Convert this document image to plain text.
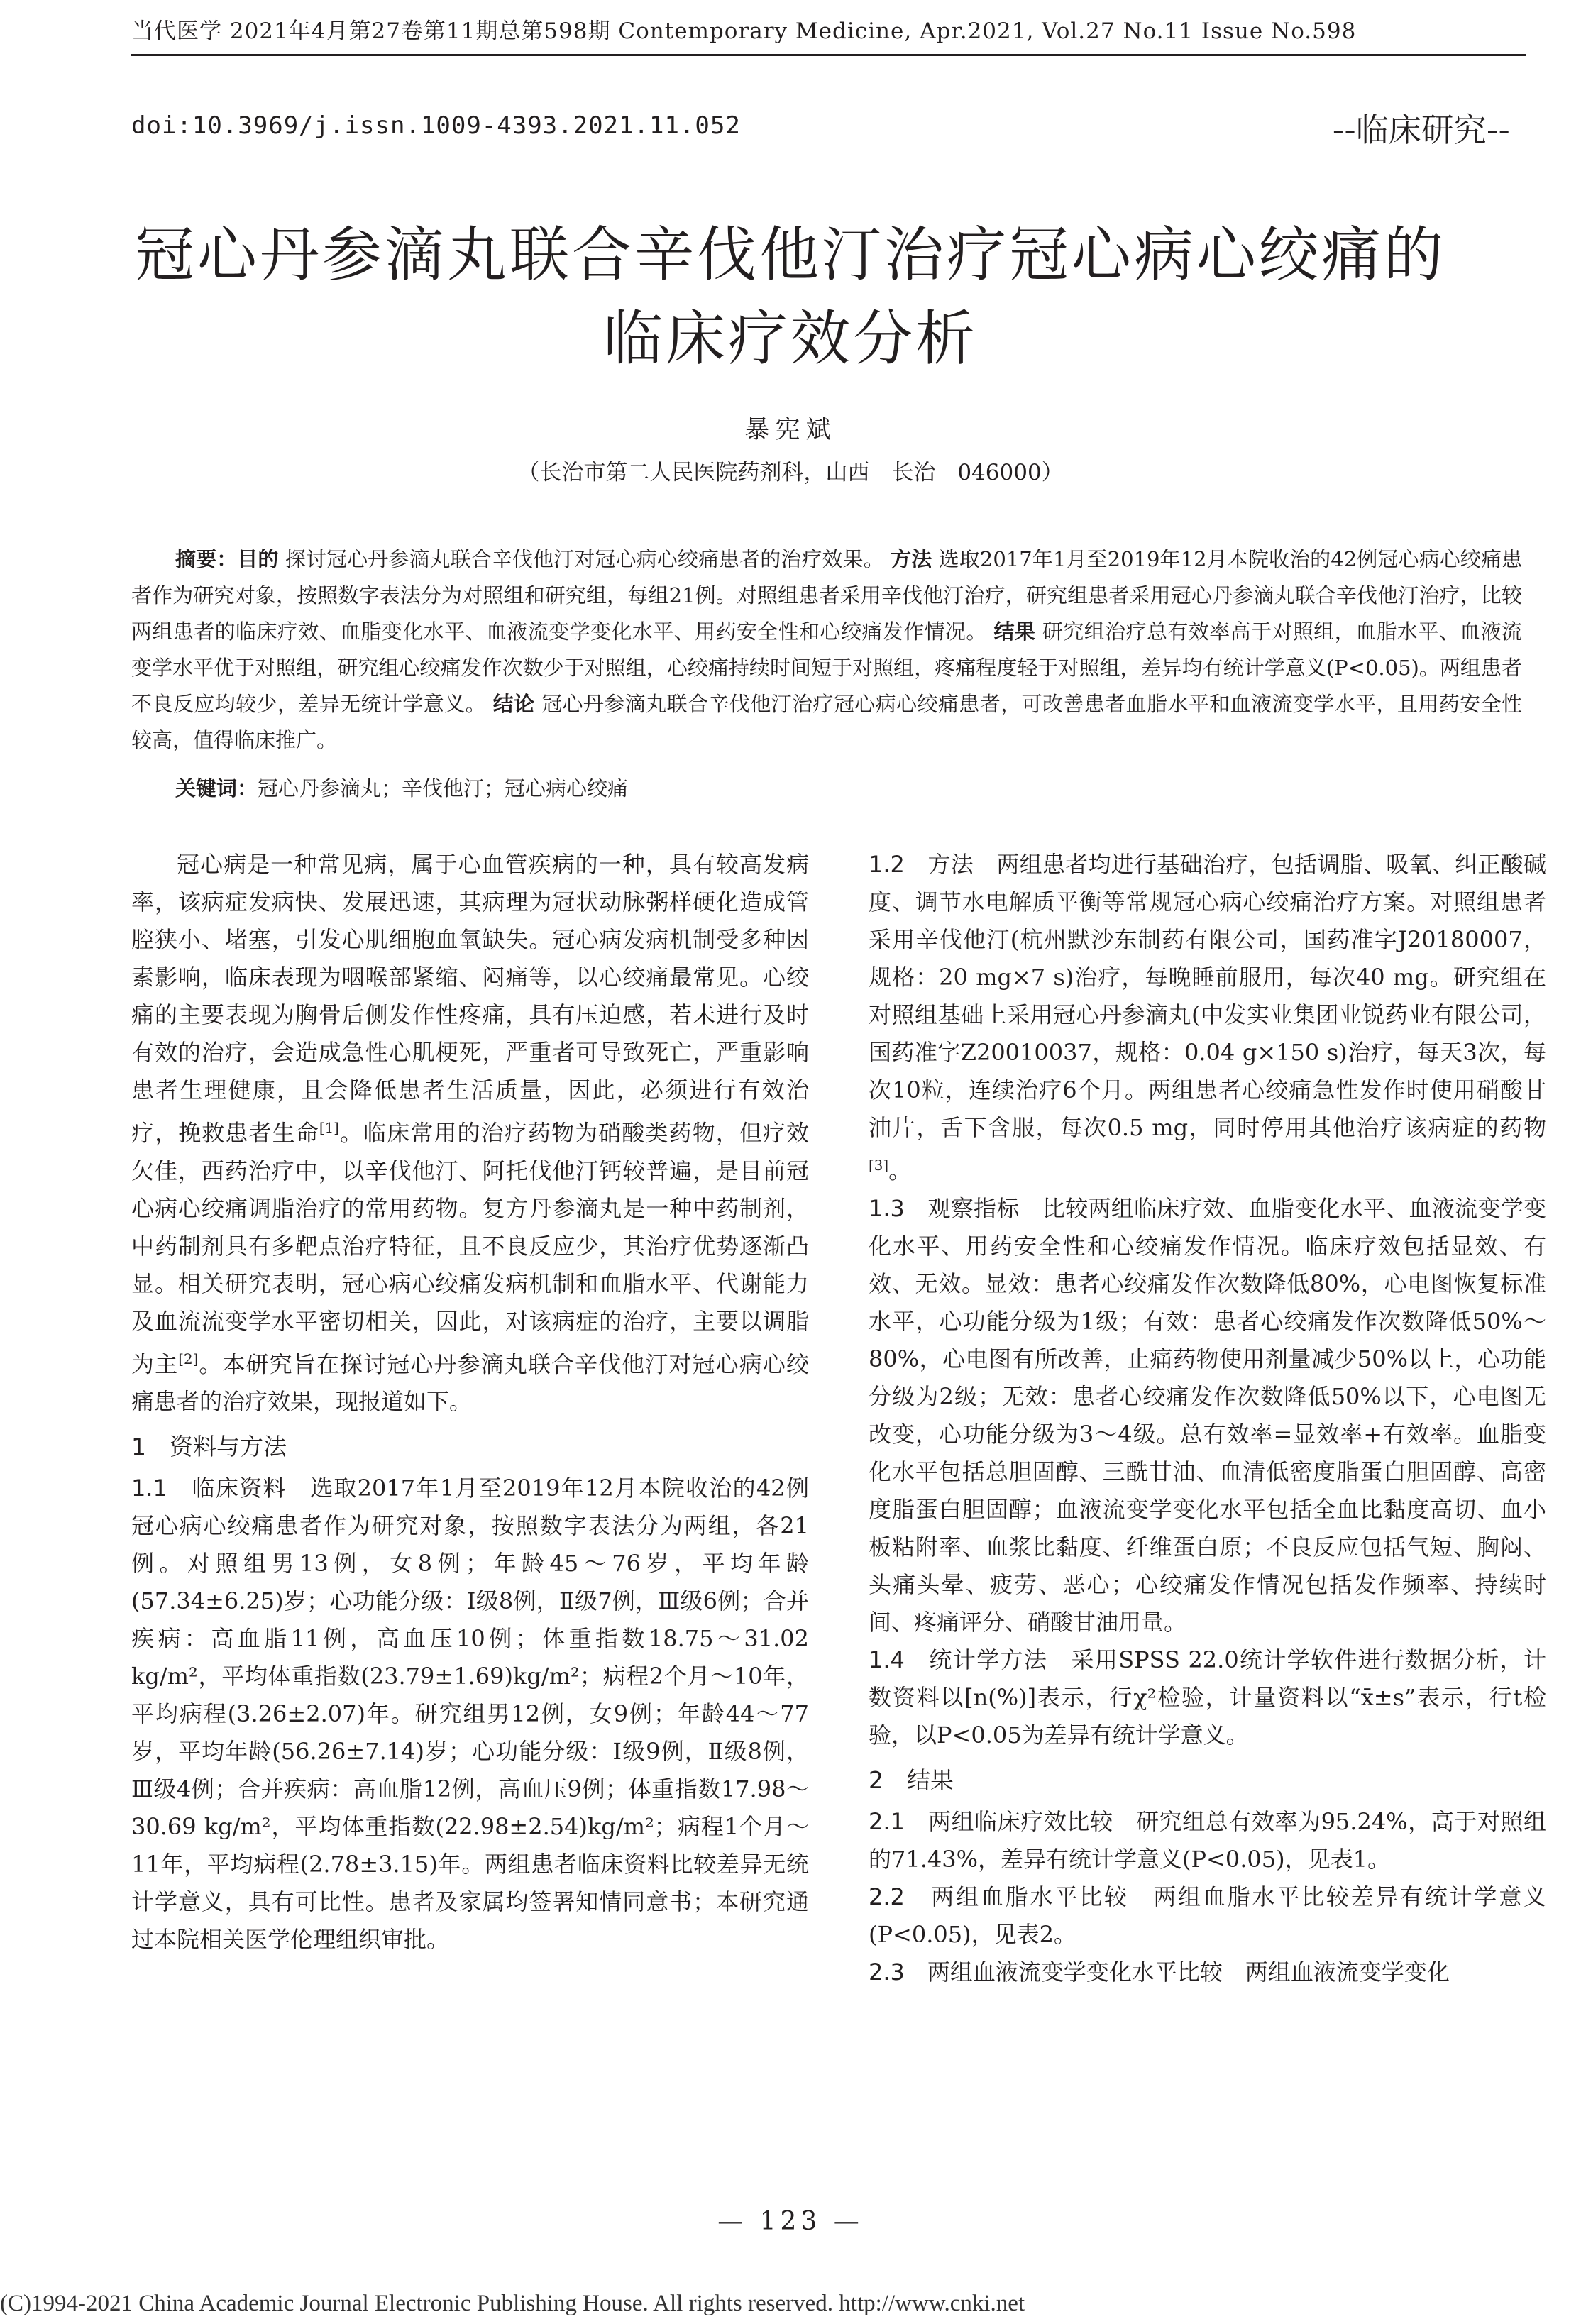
当代医学 2021年4月第27卷第11期总第598期 Contemporary Medicine, Apr.2021, Vol.27 No.11 Issue No.598
doi:10.3969/j.issn.1009-4393.2021.11.052	--临床研究--
冠心丹参滴丸联合辛伐他汀治疗冠心病心绞痛的
临床疗效分析
暴宪斌
（长治市第二人民医院药剂科，山西　长治　046000）
摘要：目的 探讨冠心丹参滴丸联合辛伐他汀对冠心病心绞痛患者的治疗效果。 方法 选取2017年1月至2019年12月本院收治的42例冠心病心绞痛患者作为研究对象，按照数字表法分为对照组和研究组，每组21例。对照组患者采用辛伐他汀治疗，研究组患者采用冠心丹参滴丸联合辛伐他汀治疗，比较两组患者的临床疗效、血脂变化水平、血液流变学变化水平、用药安全性和心绞痛发作情况。 结果 研究组治疗总有效率高于对照组，血脂水平、血液流变学水平优于对照组，研究组心绞痛发作次数少于对照组，心绞痛持续时间短于对照组，疼痛程度轻于对照组，差异均有统计学意义(P<0.05)。两组患者不良反应均较少，差异无统计学意义。 结论 冠心丹参滴丸联合辛伐他汀治疗冠心病心绞痛患者，可改善患者血脂水平和血液流变学水平，且用药安全性较高，值得临床推广。
关键词：冠心丹参滴丸；辛伐他汀；冠心病心绞痛

冠心病是一种常见病，属于心血管疾病的一种，具有较高发病率，该病症发病快、发展迅速，其病理为冠状动脉粥样硬化造成管腔狭小、堵塞，引发心肌细胞血氧缺失。冠心病发病机制受多种因素影响，临床表现为咽喉部紧缩、闷痛等，以心绞痛最常见。心绞痛的主要表现为胸骨后侧发作性疼痛，具有压迫感，若未进行及时有效的治疗，会造成急性心肌梗死，严重者可导致死亡，严重影响患者生理健康，且会降低患者生活质量，因此，必须进行有效治疗，挽救患者生命[1]。临床常用的治疗药物为硝酸类药物，但疗效欠佳，西药治疗中，以辛伐他汀、阿托伐他汀钙较普遍，是目前冠心病心绞痛调脂治疗的常用药物。复方丹参滴丸是一种中药制剂，中药制剂具有多靶点治疗特征，且不良反应少，其治疗优势逐渐凸显。相关研究表明，冠心病心绞痛发病机制和血脂水平、代谢能力及血流流变学水平密切相关，因此，对该病症的治疗，主要以调脂为主[2]。本研究旨在探讨冠心丹参滴丸联合辛伐他汀对冠心病心绞痛患者的治疗效果，现报道如下。

1　资料与方法

1.1　临床资料　 选取2017年1月至2019年12月本院收治的42例冠心病心绞痛患者作为研究对象，按照数字表法分为两组，各21例。对照组男13例，女8例；年龄45～76岁，平均年龄(57.34±6.25)岁；心功能分级：Ⅰ级8例，Ⅱ级7例，Ⅲ级6例；合并疾病：高血脂11例，高血压10例；体重指数18.75～31.02 kg/m²，平均体重指数(23.79±1.69)kg/m²；病程2个月～10年，平均病程(3.26±2.07)年。研究组男12例，女9例；年龄44～77岁，平均年龄(56.26±7.14)岁；心功能分级：Ⅰ级9例，Ⅱ级8例，Ⅲ级4例；合并疾病：高血脂12例，高血压9例；体重指数17.98～30.69 kg/m²，平均体重指数(22.98±2.54)kg/m²；病程1个月～11年，平均病程(2.78±3.15)年。两组患者临床资料比较差异无统计学意义，具有可比性。患者及家属均签署知情同意书；本研究通过本院相关医学伦理组织审批。

1.2　方法　 两组患者均进行基础治疗，包括调脂、吸氧、纠正酸碱度、调节水电解质平衡等常规冠心病心绞痛治疗方案。对照组患者采用辛伐他汀(杭州默沙东制药有限公司，国药准字J20180007，规格：20 mg×7 s)治疗，每晚睡前服用，每次40 mg。研究组在对照组基础上采用冠心丹参滴丸(中发实业集团业锐药业有限公司，国药准字Z20010037，规格：0.04 g×150 s)治疗，每天3次，每次10粒，连续治疗6个月。两组患者心绞痛急性发作时使用硝酸甘油片，舌下含服，每次0.5 mg，同时停用其他治疗该病症的药物[3]。

1.3　观察指标　 比较两组临床疗效、血脂变化水平、血液流变学变化水平、用药安全性和心绞痛发作情况。临床疗效包括显效、有效、无效。显效：患者心绞痛发作次数降低80%，心电图恢复标准水平，心功能分级为1级；有效：患者心绞痛发作次数降低50%～80%，心电图有所改善，止痛药物使用剂量减少50%以上，心功能分级为2级；无效：患者心绞痛发作次数降低50%以下，心电图无改变，心功能分级为3～4级。总有效率=显效率+有效率。血脂变化水平包括总胆固醇、三酰甘油、血清低密度脂蛋白胆固醇、高密度脂蛋白胆固醇；血液流变学变化水平包括全血比黏度高切、血小板粘附率、血浆比黏度、纤维蛋白原；不良反应包括气短、胸闷、头痛头晕、疲劳、恶心；心绞痛发作情况包括发作频率、持续时间、疼痛评分、硝酸甘油用量。

1.4　统计学方法　 采用SPSS 22.0统计学软件进行数据分析，计数资料以[n(%)]表示，行χ²检验，计量资料以“x̄±s”表示，行t检验，以P<0.05为差异有统计学意义。

2　结果

2.1　两组临床疗效比较　 研究组总有效率为95.24%，高于对照组的71.43%，差异有统计学意义(P<0.05)，见表1。

2.2　两组血脂水平比较　 两组血脂水平比较差异有统计学意义(P<0.05)，见表2。

2.3　两组血液流变学变化水平比较　 两组血液流变学变化

— 123 —
(C)1994-2021 China Academic Journal Electronic Publishing House. All rights reserved. http://www.cnki.net
